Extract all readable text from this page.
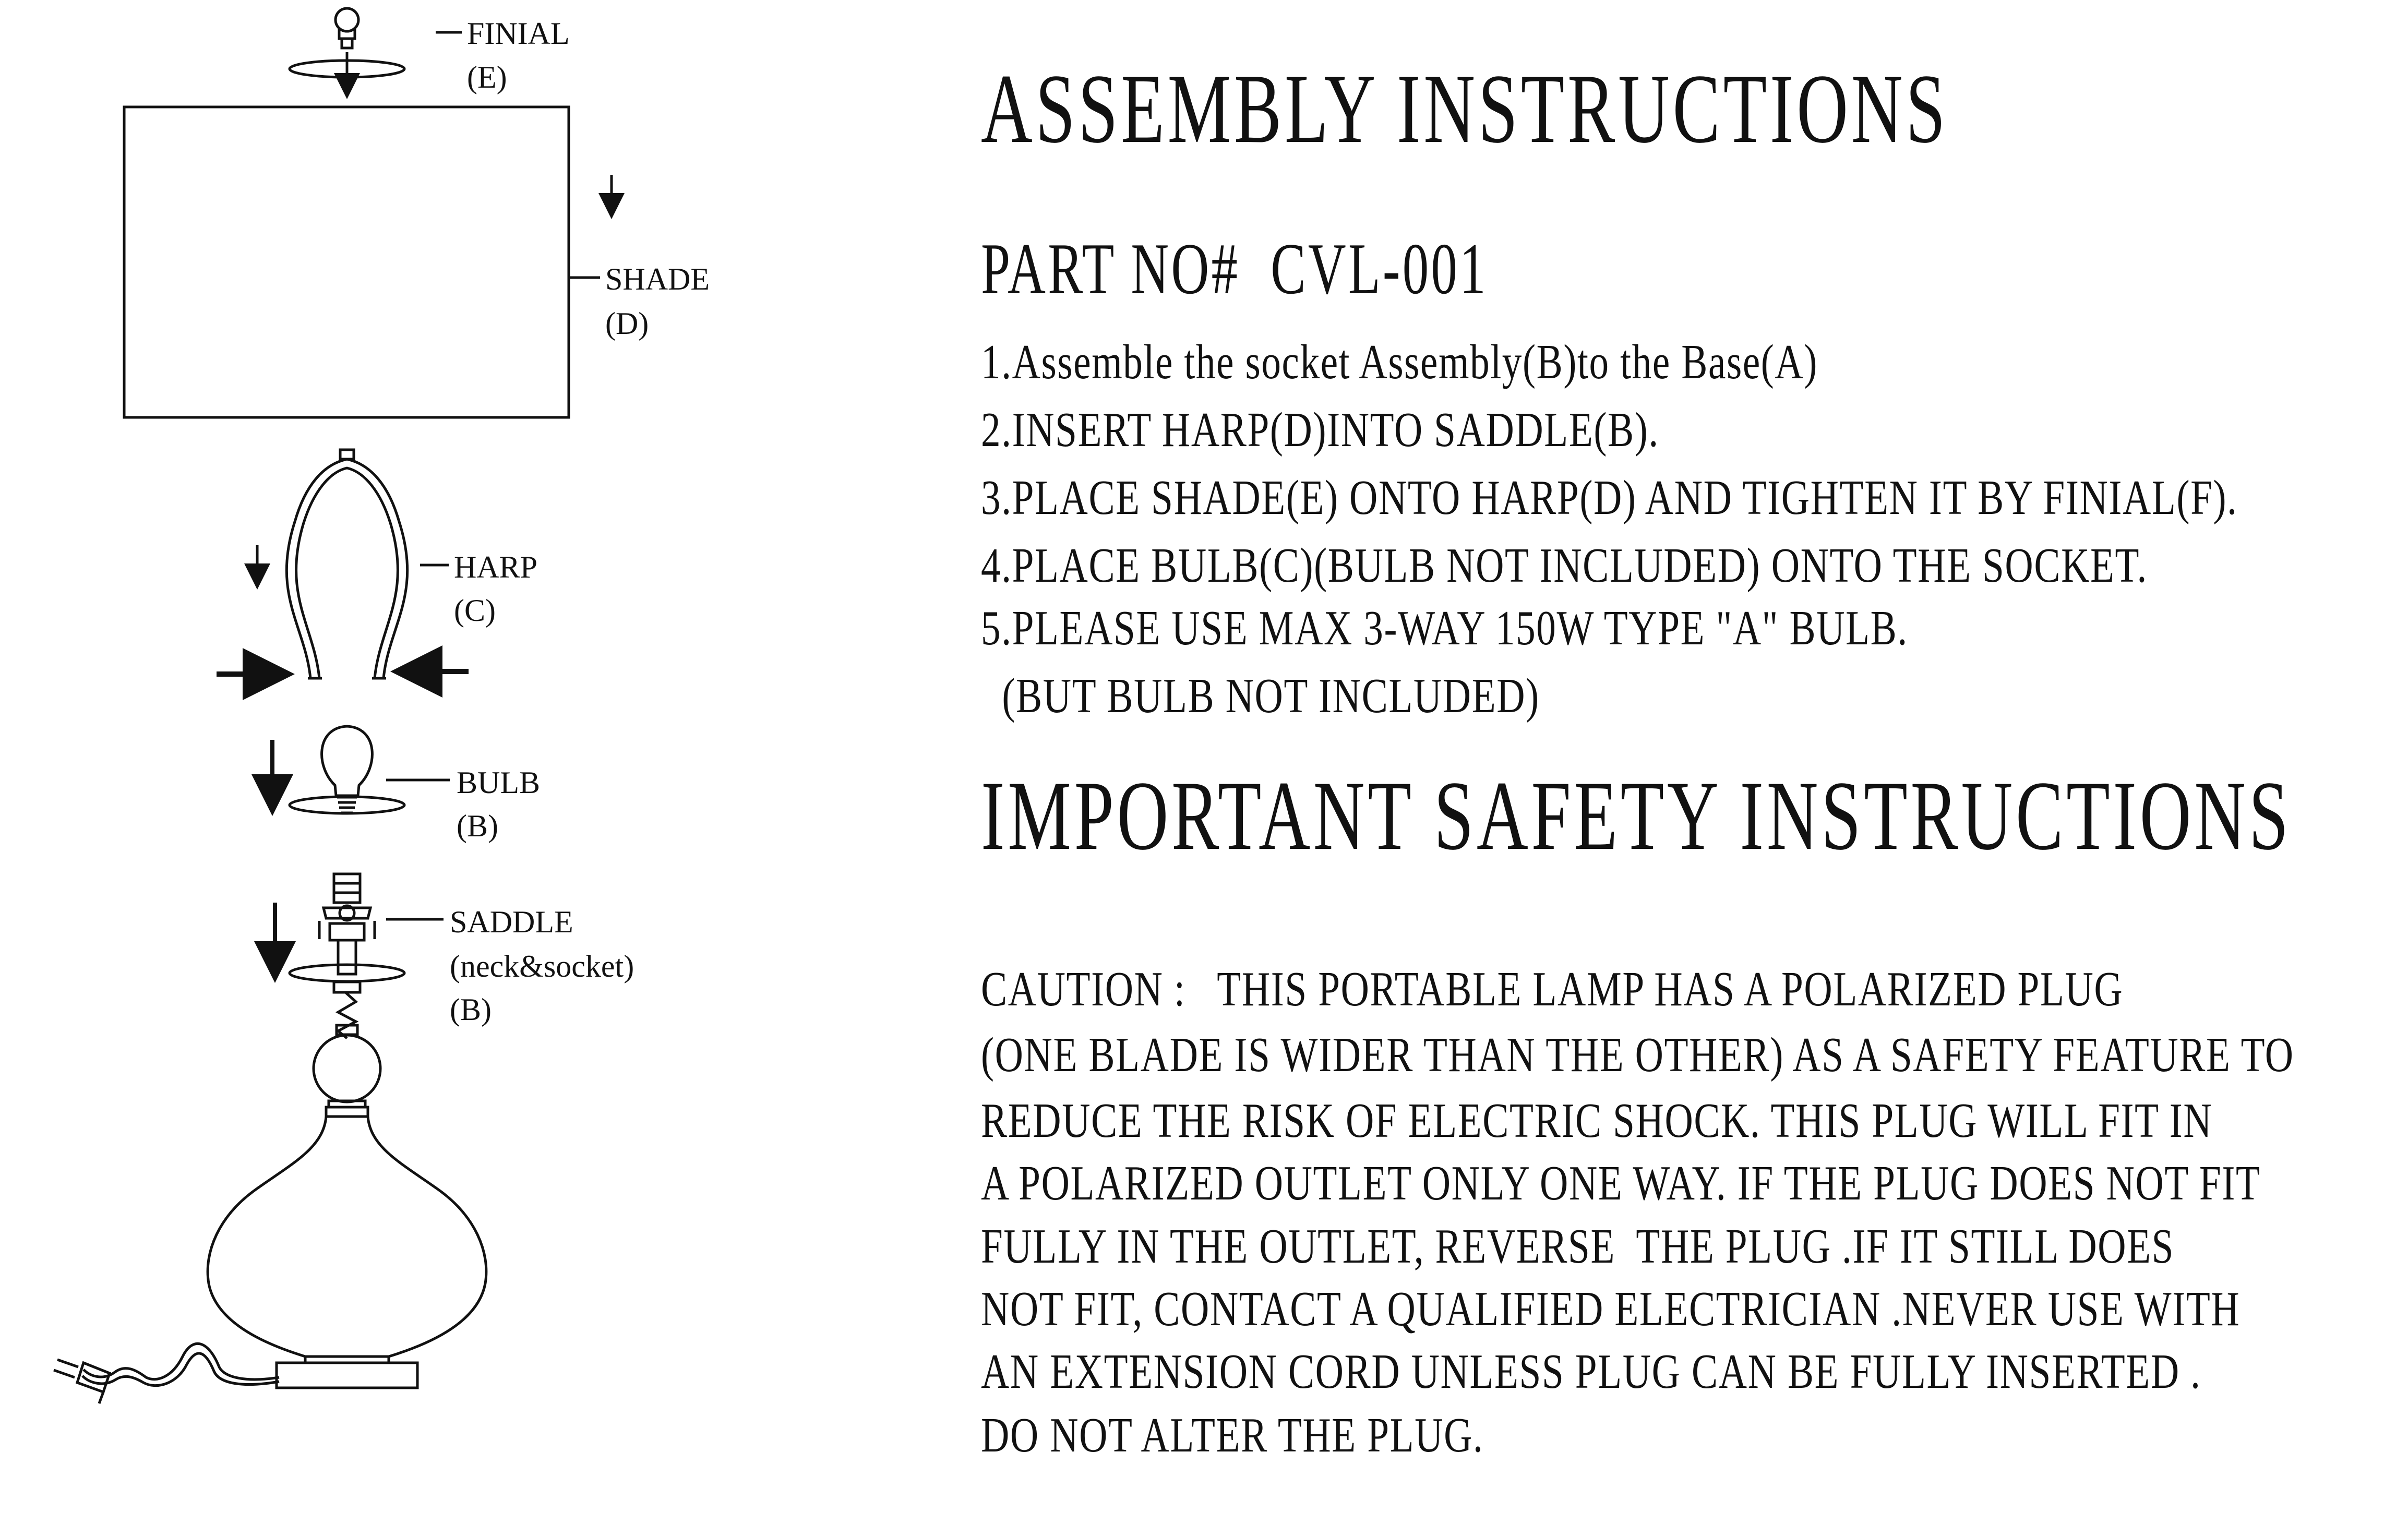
FINIAL
(E)
SHADE
(D)
HARP
(C)
BULB
(B)
SADDLE
(neck&socket)
(B)
ASSEMBLY INSTRUCTIONS
PART NO#  CVL-001
1.Assemble the socket Assembly(B)to the Base(A)
2.INSERT HARP(D)INTO SADDLE(B).
3.PLACE SHADE(E) ONTO HARP(D) AND TIGHTEN IT BY FINIAL(F).
4.PLACE BULB(C)(BULB NOT INCLUDED) ONTO THE SOCKET.
5.PLEASE USE MAX 3-WAY 150W TYPE "A" BULB.
(BUT BULB NOT INCLUDED)
IMPORTANT SAFETY INSTRUCTIONS
CAUTION :   THIS PORTABLE LAMP HAS A POLARIZED PLUG
(ONE BLADE IS WIDER THAN THE OTHER) AS A SAFETY FEATURE TO
REDUCE THE RISK OF ELECTRIC SHOCK. THIS PLUG WILL FIT IN
A POLARIZED OUTLET ONLY ONE WAY. IF THE PLUG DOES NOT FIT
FULLY IN THE OUTLET, REVERSE  THE PLUG .IF IT STILL DOES
NOT FIT, CONTACT A QUALIFIED ELECTRICIAN .NEVER USE WITH
AN EXTENSION CORD UNLESS PLUG CAN BE FULLY INSERTED .
DO NOT ALTER THE PLUG.
